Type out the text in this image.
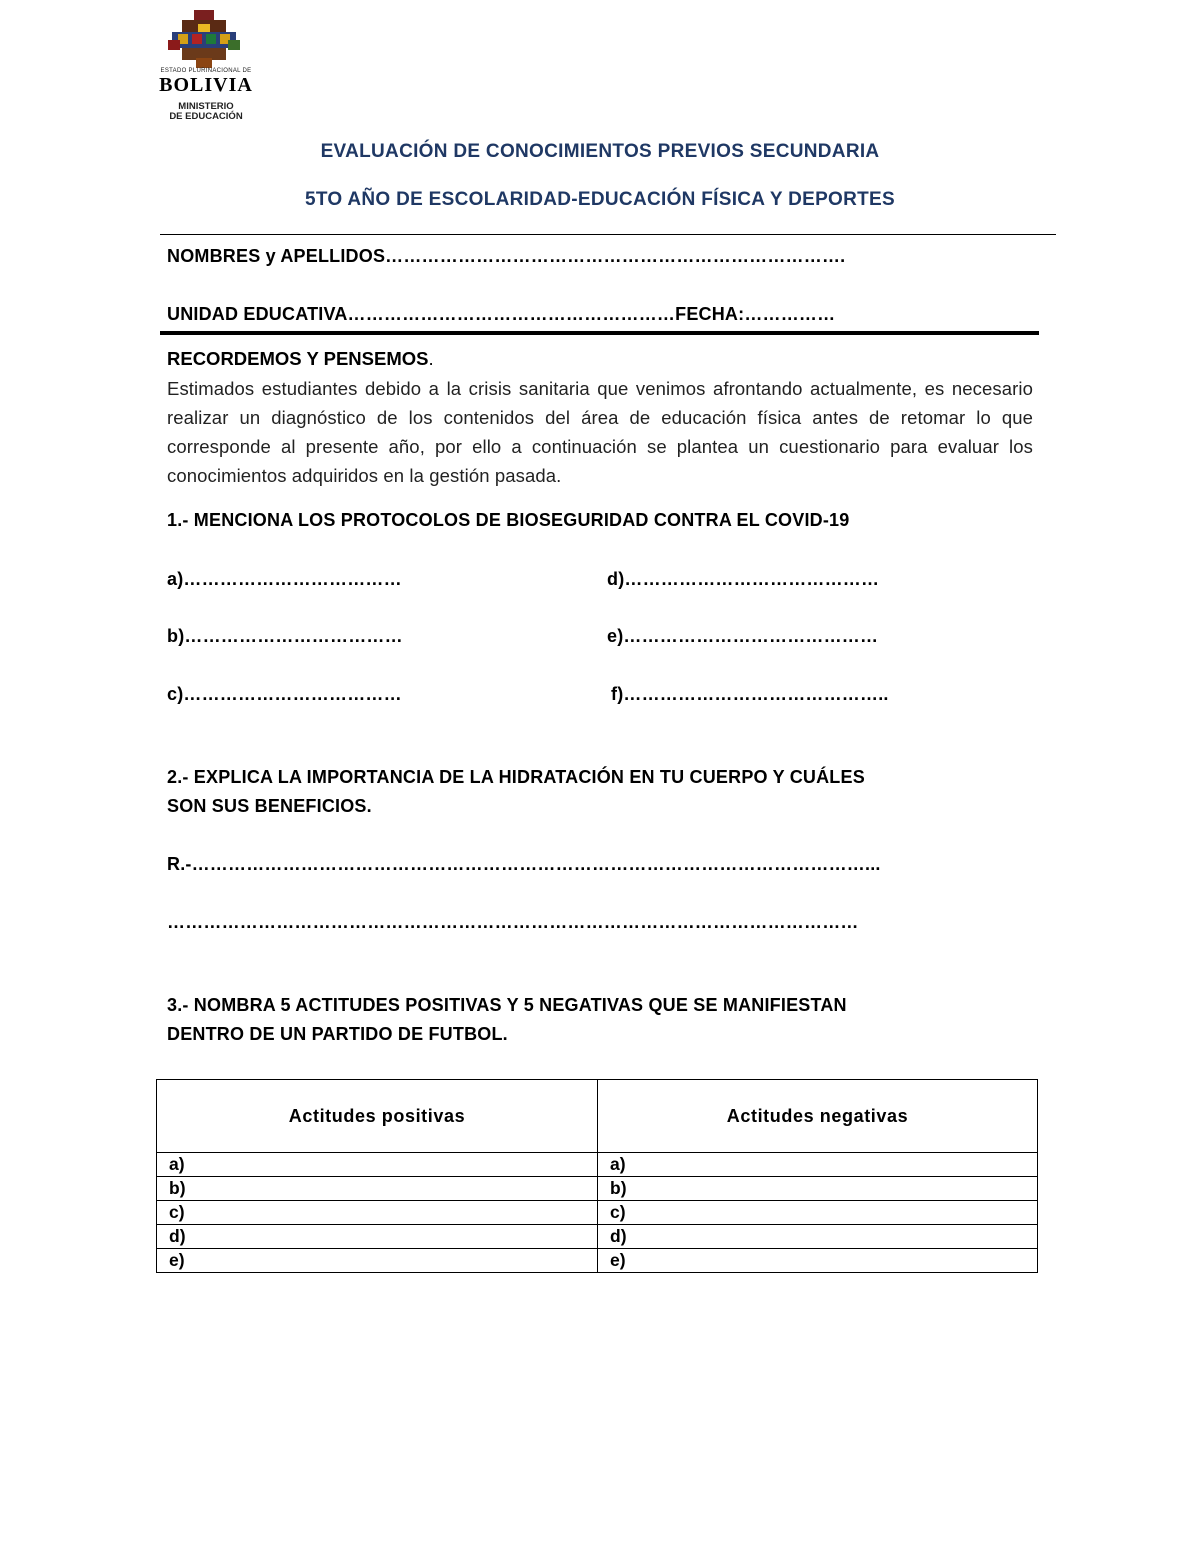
ESTADO PLURINACIONAL DE
BOLIVIA
MINISTERIO
DE EDUCACIÓN
EVALUACIÓN DE CONOCIMIENTOS PREVIOS SECUNDARIA
5TO AÑO DE ESCOLARIDAD-EDUCACIÓN FÍSICA Y DEPORTES
NOMBRES y APELLIDOS………………………………………………………………….
UNIDAD EDUCATIVA………………………………………………FECHA:……………
RECORDEMOS Y PENSEMOS.
Estimados estudiantes debido a la crisis sanitaria que venimos afrontando actualmente, es necesario realizar un diagnóstico de los contenidos del área de educación física antes de retomar lo que corresponde al presente año, por ello a continuación se plantea un cuestionario para evaluar los conocimientos adquiridos en la gestión pasada.
1.- MENCIONA LOS PROTOCOLOS DE BIOSEGURIDAD CONTRA EL COVID-19
a)………………………………
b)………………………………
c)………………………………
d)……………………………………
e)……………………………………
f)……………………………………..
2.- EXPLICA LA IMPORTANCIA DE LA HIDRATACIÓN EN TU CUERPO Y CUÁLES
SON SUS BENEFICIOS.
R.-…………………………………………………………………………………………………...
……………………………………………………………………………………………………
3.- NOMBRA 5 ACTITUDES POSITIVAS Y 5 NEGATIVAS QUE SE MANIFIESTAN
DENTRO DE UN PARTIDO DE FUTBOL.
Actitudes positivas	Actitudes negativas
a)	a)
b)	b)
c)	c)
d)	d)
e)	e)
